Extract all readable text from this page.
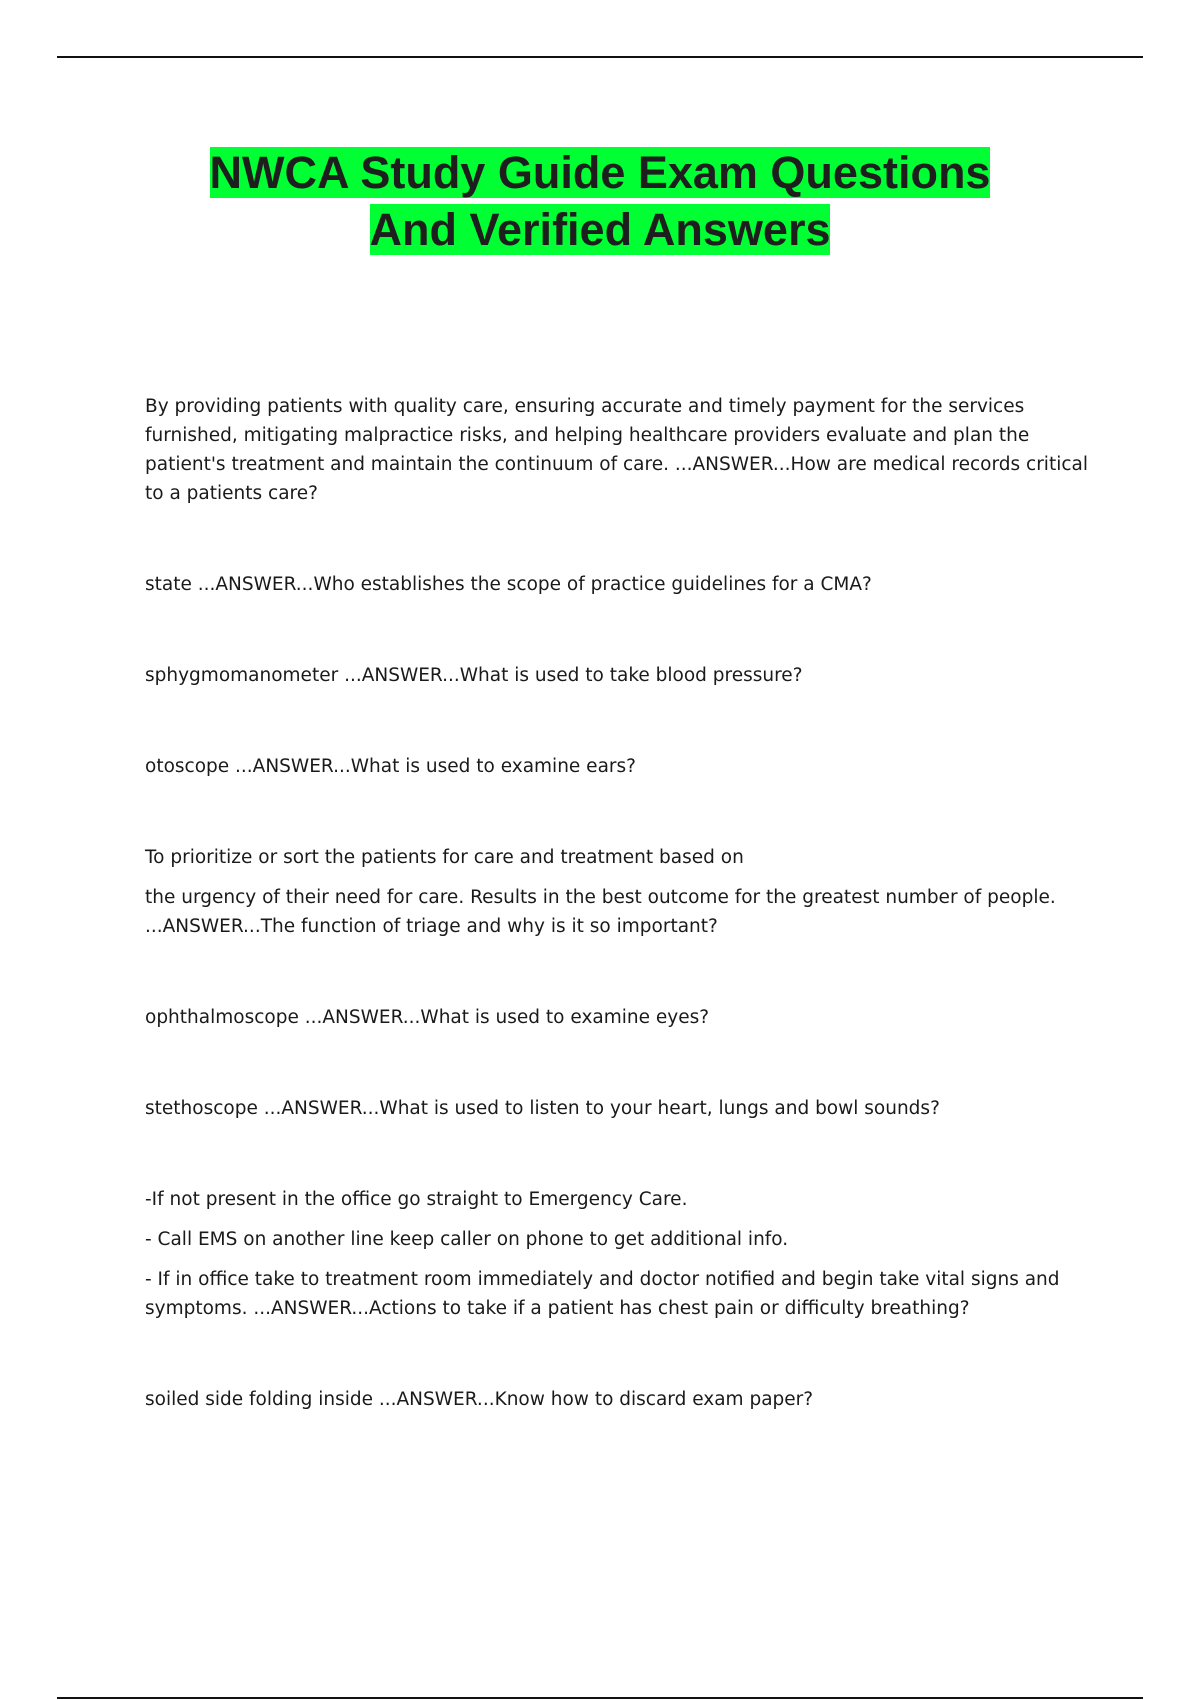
NWCA Study Guide Exam Questions
And Verified Answers

By providing patients with quality care, ensuring accurate and timely payment for the services furnished, mitigating malpractice risks, and helping healthcare providers evaluate and plan the patient's treatment and maintain the continuum of care. ...ANSWER...How are medical records critical to a patients care?

state ...ANSWER...Who establishes the scope of practice guidelines for a CMA?

sphygmomanometer ...ANSWER...What is used to take blood pressure?

otoscope ...ANSWER...What is used to examine ears?

To prioritize or sort the patients for care and treatment based on

the urgency of their need for care. Results in the best outcome for the greatest number of people. ...ANSWER...The function of triage and why is it so important?

ophthalmoscope ...ANSWER...What is used to examine eyes?

stethoscope ...ANSWER...What is used to listen to your heart, lungs and bowl sounds?

-If not present in the office go straight to Emergency Care.

- Call EMS on another line keep caller on phone to get additional info.

- If in office take to treatment room immediately and doctor notified and begin take vital signs and symptoms. ...ANSWER...Actions to take if a patient has chest pain or difficulty breathing?

soiled side folding inside ...ANSWER...Know how to discard exam paper?
